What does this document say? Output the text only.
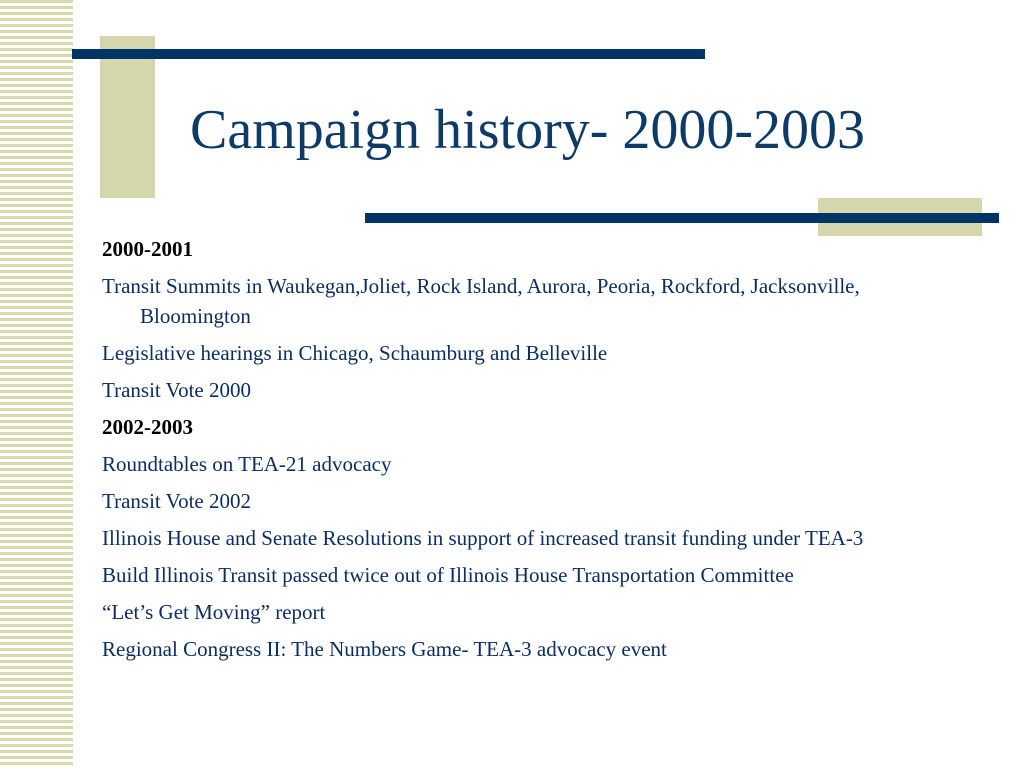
Campaign history- 2000-2003
2000-2001
Transit Summits in Waukegan,Joliet, Rock Island, Aurora, Peoria, Rockford, Jacksonville, Bloomington
Legislative hearings in Chicago, Schaumburg and Belleville
Transit Vote 2000
2002-2003
Roundtables on TEA-21 advocacy
Transit Vote 2002
Illinois House and Senate Resolutions in support of increased transit funding under TEA-3
Build Illinois Transit passed twice out of Illinois House Transportation Committee
“Let’s Get Moving” report
Regional Congress II: The Numbers Game- TEA-3 advocacy event
